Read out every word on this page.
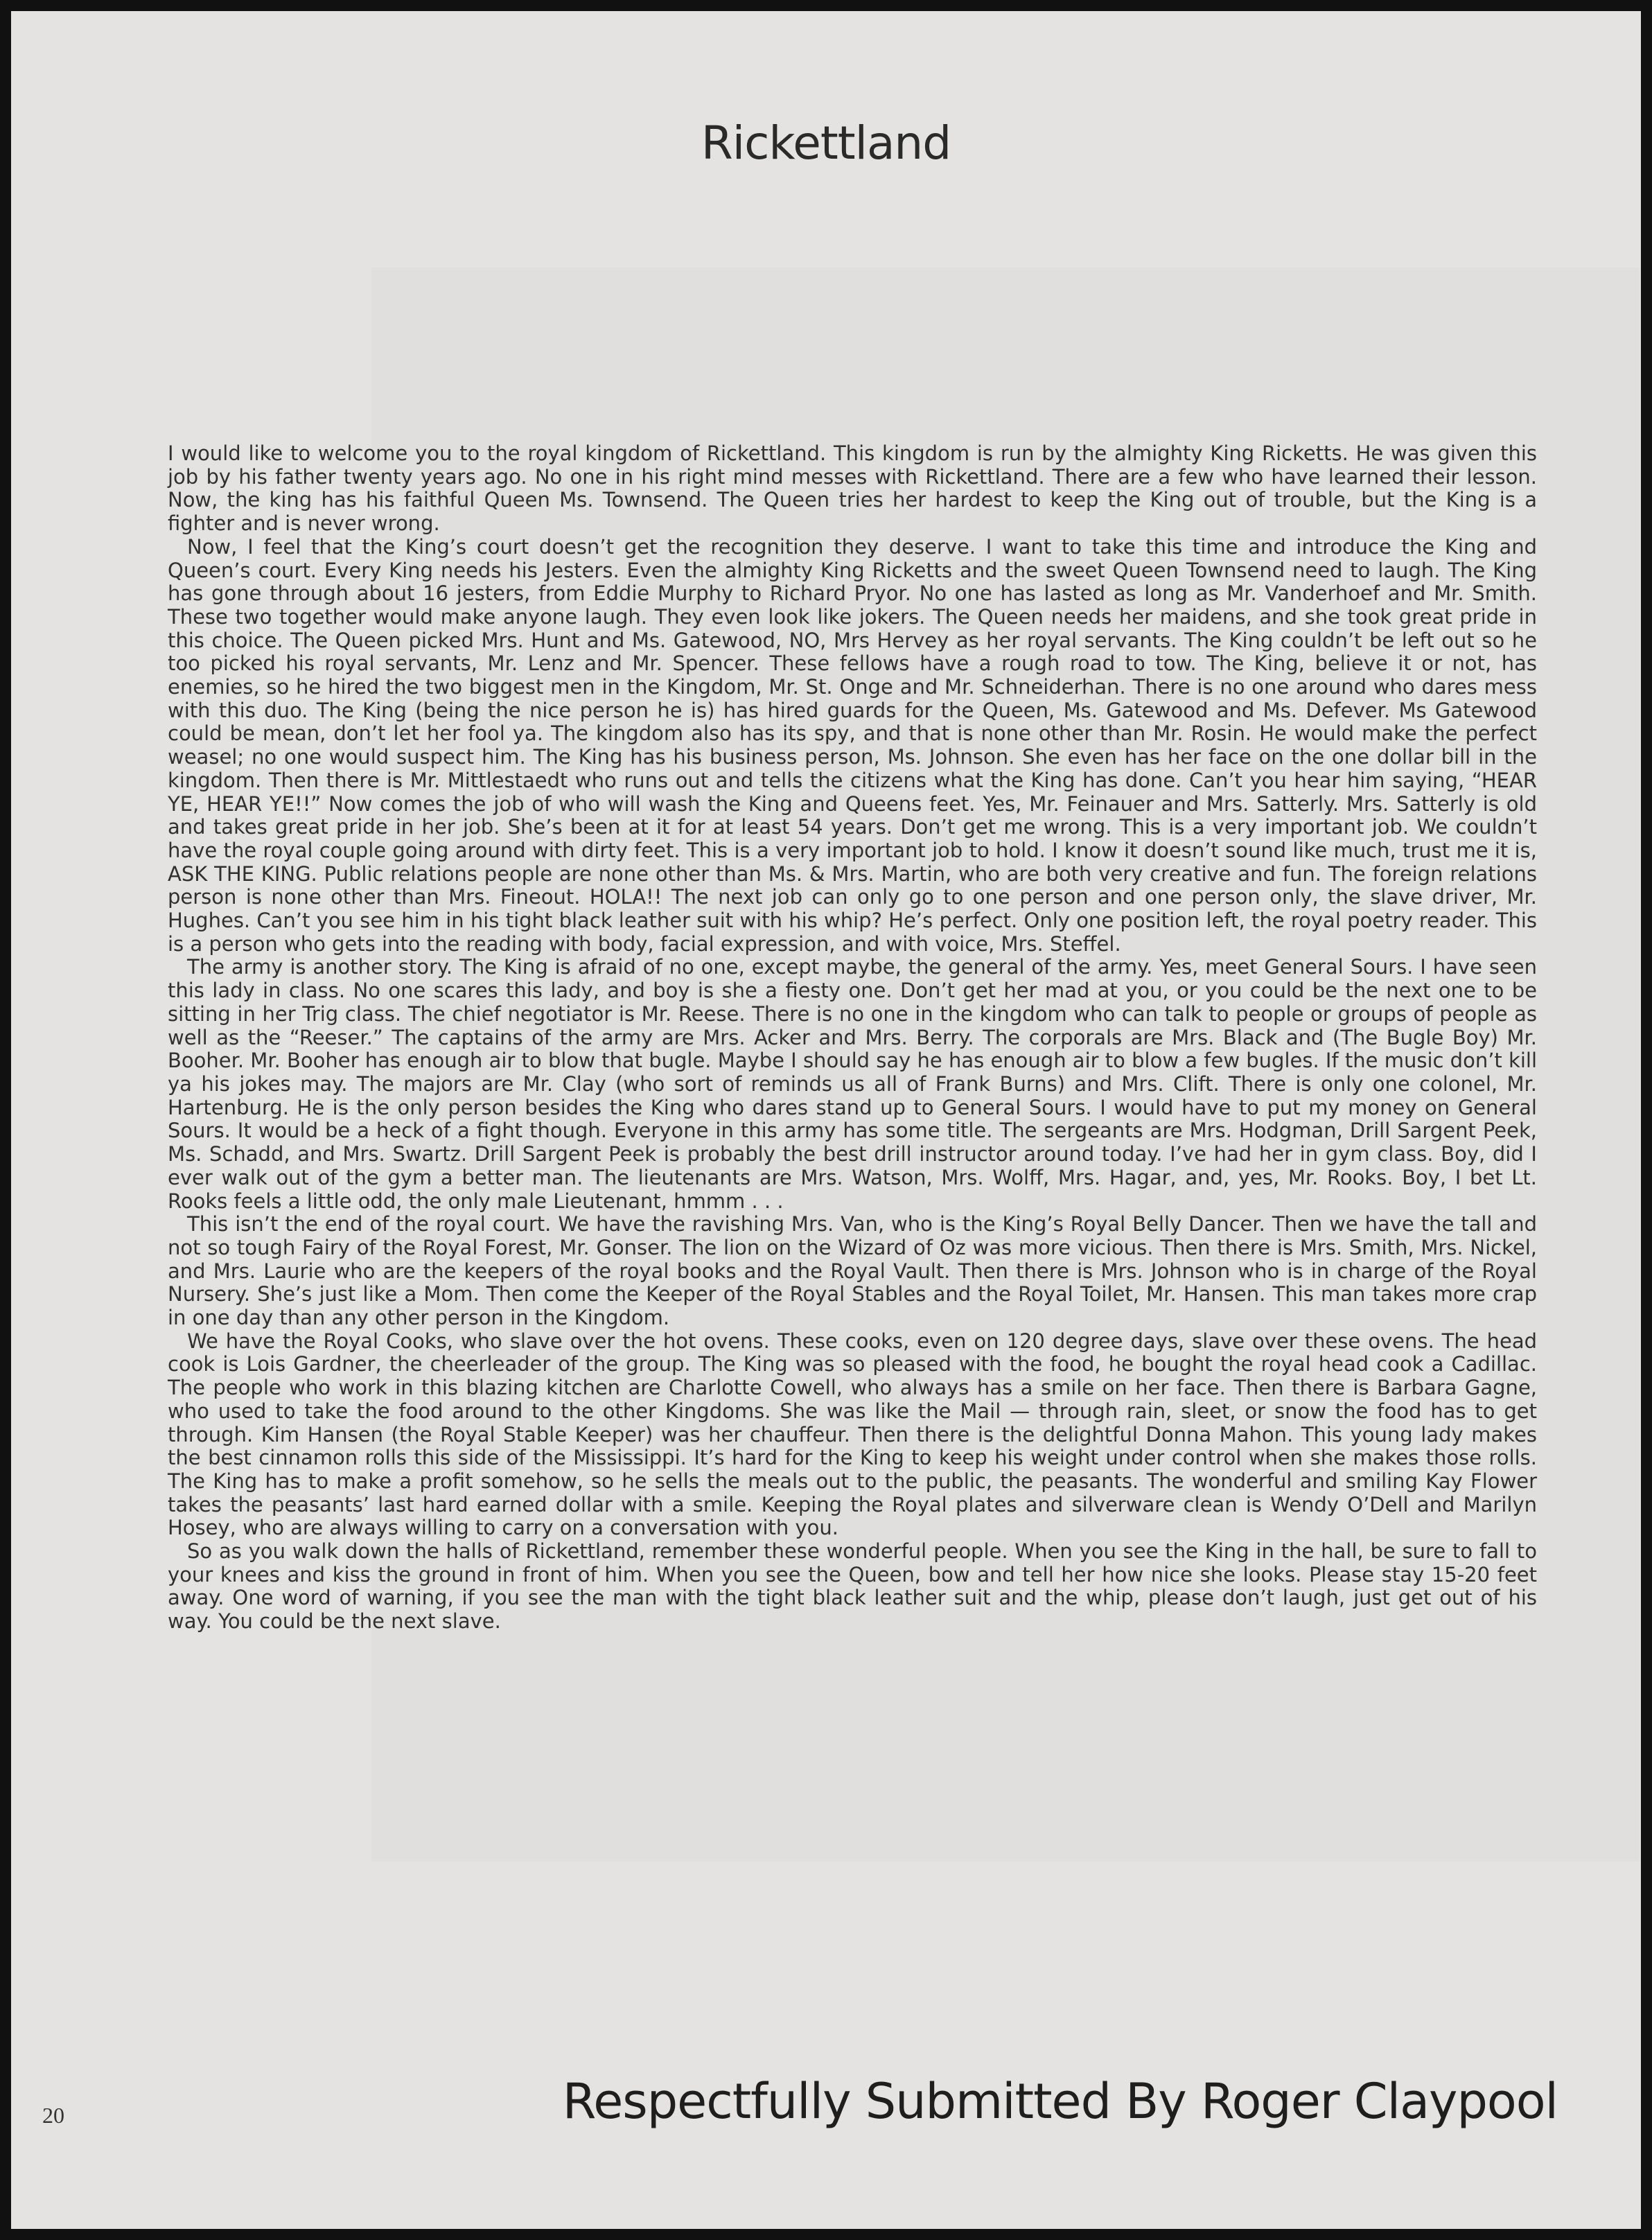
Rickettland

I would like to welcome you to the royal kingdom of Rickettland. This kingdom is run by the almighty King Ricketts. He was given this job by his father twenty years ago. No one in his right mind messes with Rickettland. There are a few who have learned their lesson. Now, the king has his faithful Queen Ms. Townsend. The Queen tries her hardest to keep the King out of trouble, but the King is a fighter and is never wrong.

Now, I feel that the King’s court doesn’t get the recognition they deserve. I want to take this time and introduce the King and Queen’s court. Every King needs his Jesters. Even the almighty King Ricketts and the sweet Queen Townsend need to laugh. The King has gone through about 16 jesters, from Eddie Murphy to Richard Pryor. No one has lasted as long as Mr. Vanderhoef and Mr. Smith. These two together would make anyone laugh. They even look like jokers. The Queen needs her maidens, and she took great pride in this choice. The Queen picked Mrs. Hunt and Ms. Gatewood, NO, Mrs Hervey as her royal servants. The King couldn’t be left out so he too picked his royal servants, Mr. Lenz and Mr. Spencer. These fellows have a rough road to tow. The King, believe it or not, has enemies, so he hired the two biggest men in the Kingdom, Mr. St. Onge and Mr. Schneiderhan. There is no one around who dares mess with this duo. The King (being the nice person he is) has hired guards for the Queen, Ms. Gatewood and Ms. Defever. Ms Gatewood could be mean, don’t let her fool ya. The kingdom also has its spy, and that is none other than Mr. Rosin. He would make the perfect weasel; no one would suspect him. The King has his business person, Ms. Johnson. She even has her face on the one dollar bill in the kingdom. Then there is Mr. Mittlestaedt who runs out and tells the citizens what the King has done. Can’t you hear him saying, “HEAR YE, HEAR YE!!” Now comes the job of who will wash the King and Queens feet. Yes, Mr. Feinauer and Mrs. Satterly. Mrs. Satterly is old and takes great pride in her job. She’s been at it for at least 54 years. Don’t get me wrong. This is a very important job. We couldn’t have the royal couple going around with dirty feet. This is a very important job to hold. I know it doesn’t sound like much, trust me it is, ASK THE KING. Public relations people are none other than Ms. & Mrs. Martin, who are both very creative and fun. The foreign relations person is none other than Mrs. Fineout. HOLA!! The next job can only go to one person and one person only, the slave driver, Mr. Hughes. Can’t you see him in his tight black leather suit with his whip? He’s perfect. Only one position left, the royal poetry reader. This is a person who gets into the reading with body, facial expression, and with voice, Mrs. Steffel.

The army is another story. The King is afraid of no one, except maybe, the general of the army. Yes, meet General Sours. I have seen this lady in class. No one scares this lady, and boy is she a fiesty one. Don’t get her mad at you, or you could be the next one to be sitting in her Trig class. The chief negotiator is Mr. Reese. There is no one in the kingdom who can talk to people or groups of people as well as the “Reeser.” The captains of the army are Mrs. Acker and Mrs. Berry. The corporals are Mrs. Black and (The Bugle Boy) Mr. Booher. Mr. Booher has enough air to blow that bugle. Maybe I should say he has enough air to blow a few bugles. If the music don’t kill ya his jokes may. The majors are Mr. Clay (who sort of reminds us all of Frank Burns) and Mrs. Clift. There is only one colonel, Mr. Hartenburg. He is the only person besides the King who dares stand up to General Sours. I would have to put my money on General Sours. It would be a heck of a fight though. Everyone in this army has some title. The sergeants are Mrs. Hodgman, Drill Sargent Peek, Ms. Schadd, and Mrs. Swartz. Drill Sargent Peek is probably the best drill instructor around today. I’ve had her in gym class. Boy, did I ever walk out of the gym a better man. The lieutenants are Mrs. Watson, Mrs. Wolff, Mrs. Hagar, and, yes, Mr. Rooks. Boy, I bet Lt. Rooks feels a little odd, the only male Lieutenant, hmmm . . .

This isn’t the end of the royal court. We have the ravishing Mrs. Van, who is the King’s Royal Belly Dancer. Then we have the tall and not so tough Fairy of the Royal Forest, Mr. Gonser. The lion on the Wizard of Oz was more vicious. Then there is Mrs. Smith, Mrs. Nickel, and Mrs. Laurie who are the keepers of the royal books and the Royal Vault. Then there is Mrs. Johnson who is in charge of the Royal Nursery. She’s just like a Mom. Then come the Keeper of the Royal Stables and the Royal Toilet, Mr. Hansen. This man takes more crap in one day than any other person in the Kingdom.

We have the Royal Cooks, who slave over the hot ovens. These cooks, even on 120 degree days, slave over these ovens. The head cook is Lois Gardner, the cheerleader of the group. The King was so pleased with the food, he bought the royal head cook a Cadillac. The people who work in this blazing kitchen are Charlotte Cowell, who always has a smile on her face. Then there is Barbara Gagne, who used to take the food around to the other Kingdoms. She was like the Mail — through rain, sleet, or snow the food has to get through. Kim Hansen (the Royal Stable Keeper) was her chauffeur. Then there is the delightful Donna Mahon. This young lady makes the best cinnamon rolls this side of the Mississippi. It’s hard for the King to keep his weight under control when she makes those rolls. The King has to make a profit somehow, so he sells the meals out to the public, the peasants. The wonderful and smiling Kay Flower takes the peasants’ last hard earned dollar with a smile. Keeping the Royal plates and silverware clean is Wendy O’Dell and Marilyn Hosey, who are always willing to carry on a conversation with you.

So as you walk down the halls of Rickettland, remember these wonderful people. When you see the King in the hall, be sure to fall to your knees and kiss the ground in front of him. When you see the Queen, bow and tell her how nice she looks. Please stay 15-20 feet away. One word of warning, if you see the man with the tight black leather suit and the whip, please don’t laugh, just get out of his way. You could be the next slave.

20	Respectfully Submitted By Roger Claypool
